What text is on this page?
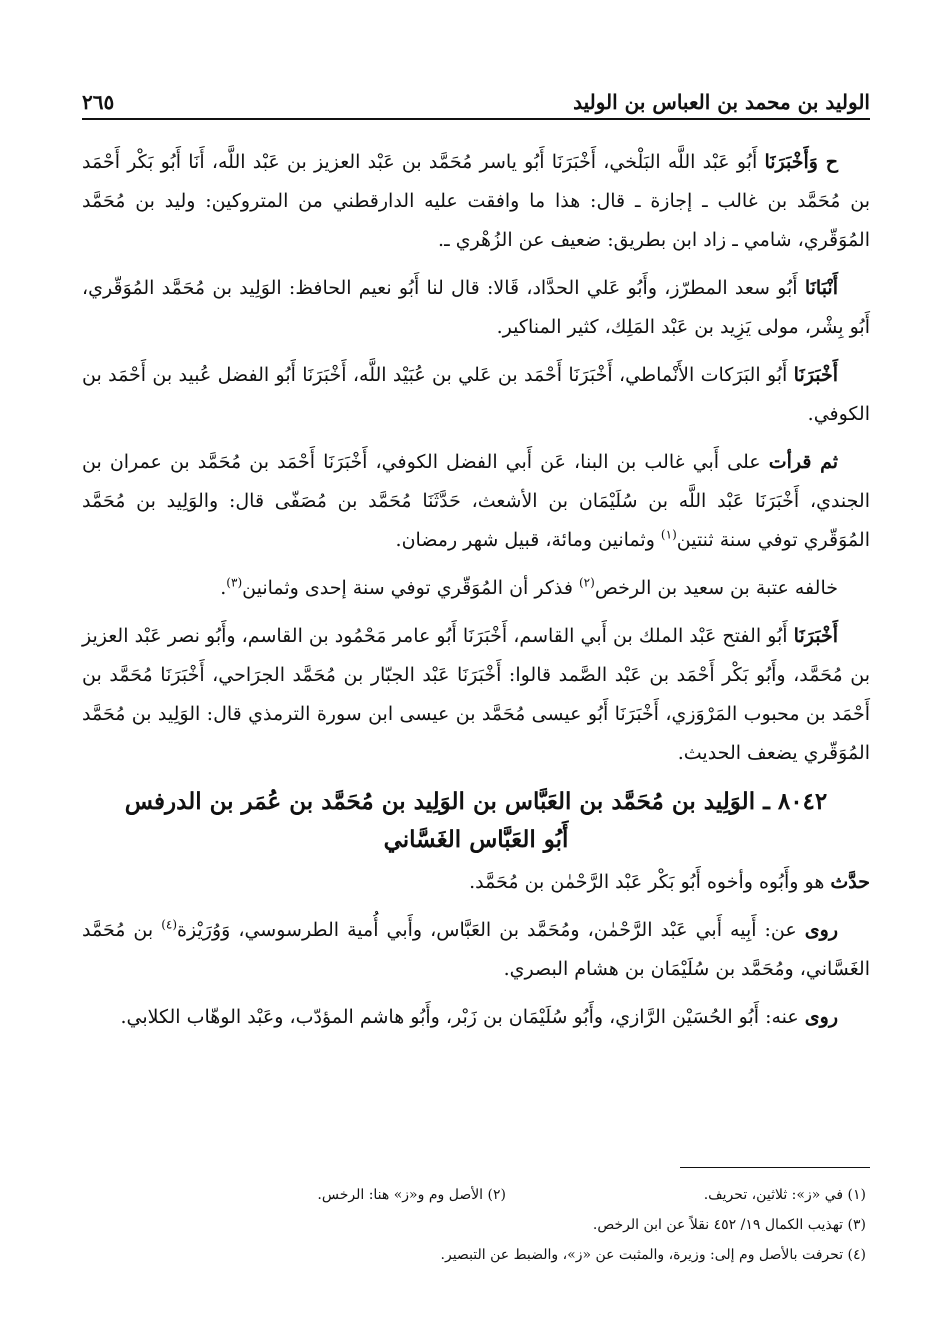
الوليد بن محمد بن العباس بن الوليد
٢٦٥

ح وَأَخْبَرَنَا أَبُو عَبْد اللَّه البَلْخي، أَخْبَرَنَا أَبُو ياسر مُحَمَّد بن عَبْد العزيز بن عَبْد اللَّه، أَنَا أَبُو بَكْر أَحْمَد بن مُحَمَّد بن غالب ـ إجازة ـ قال: هذا ما وافقت عليه الدارقطني من المتروكين: وليد بن مُحَمَّد المُوَقّري، شامي ـ زاد ابن بطريق: ضعيف عن الزُهْري ـ.

أَنْبَانَا أَبُو سعد المطرّز، وأَبُو عَلي الحدَّاد، قَالا: قال لنا أَبُو نعيم الحافظ: الوَلِيد بن مُحَمَّد المُوَقّري، أَبُو بِشْر، مولى يَزِيد بن عَبْد المَلِك، كثير المناكير.

أَخْبَرَنَا أَبُو البَرَكات الأَنْماطي، أَخْبَرَنَا أَحْمَد بن عَلي بن عُبَيْد اللَّه، أَخْبَرَنَا أَبُو الفضل عُبيد بن أَحْمَد بن الكوفي.

ثم قرأت على أَبي غالب بن البنا، عَن أَبي الفضل الكوفي، أَخْبَرَنَا أَحْمَد بن مُحَمَّد بن عمران بن الجندي، أَخْبَرَنَا عَبْد اللَّه بن سُلَيْمَان بن الأشعث، حَدَّثَنَا مُحَمَّد بن مُصَفّى قال: والوَلِيد بن مُحَمَّد المُوَقّري توفي سنة ثنتين$^{(١)}$ وثمانين ومائة، قبيل شهر رمضان.

خالفه عتبة بن سعيد بن الرخص$^{(٢)}$ فذكر أن المُوَقّري توفي سنة إحدى وثمانين$^{(٣)}$.

أَخْبَرَنَا أَبُو الفتح عَبْد الملك بن أَبي القاسم، أَخْبَرَنَا أَبُو عامر مَحْمُود بن القاسم، وأَبُو نصر عَبْد العزيز بن مُحَمَّد، وأَبُو بَكْر أَحْمَد بن عَبْد الصَّمد قالوا: أَخْبَرَنَا عَبْد الجبّار بن مُحَمَّد الجرَاحي، أَخْبَرَنَا مُحَمَّد بن أَحْمَد بن محبوب المَرْوَزي، أَخْبَرَنَا أَبُو عيسى مُحَمَّد بن عيسى ابن سورة الترمذي قال: الوَلِيد بن مُحَمَّد المُوَقّري يضعف الحديث.

٨٠٤٢ ـ الوَلِيد بن مُحَمَّد بن العَبَّاس بن الوَلِيد بن مُحَمَّد بن عُمَر بن الدرفس
أَبُو العَبَّاس الغَسَّاني

حدَّث هو وأَبُوه وأخوه أَبُو بَكْر عَبْد الرَّحْمٰن بن مُحَمَّد.

روى عن: أَبِيه أَبي عَبْد الرَّحْمٰن، ومُحَمَّد بن العَبَّاس، وأَبي أُمية الطرسوسي، وَوُرَيْزة$^{(٤)}$ بن مُحَمَّد الغَسَّاني، ومُحَمَّد بن سُلَيْمَان بن هشام البصري.

روى عنه: أَبُو الحُسَيْن الرَّازي، وأَبُو سُلَيْمَان بن زَبْر، وأَبُو هاشم المؤدّب، وعَبْد الوهّاب الكلابي.

(١) في «ز»: ثلاثين، تحريف.
(٢) الأصل وم و«ز» هنا: الرخس.
(٣) تهذيب الكمال ١٩/ ٤٥٢ نقلاً عن ابن الرخص.
(٤) تحرفت بالأصل وم إلى: وزيرة، والمثبت عن «ز»، والضبط عن التبصير.
